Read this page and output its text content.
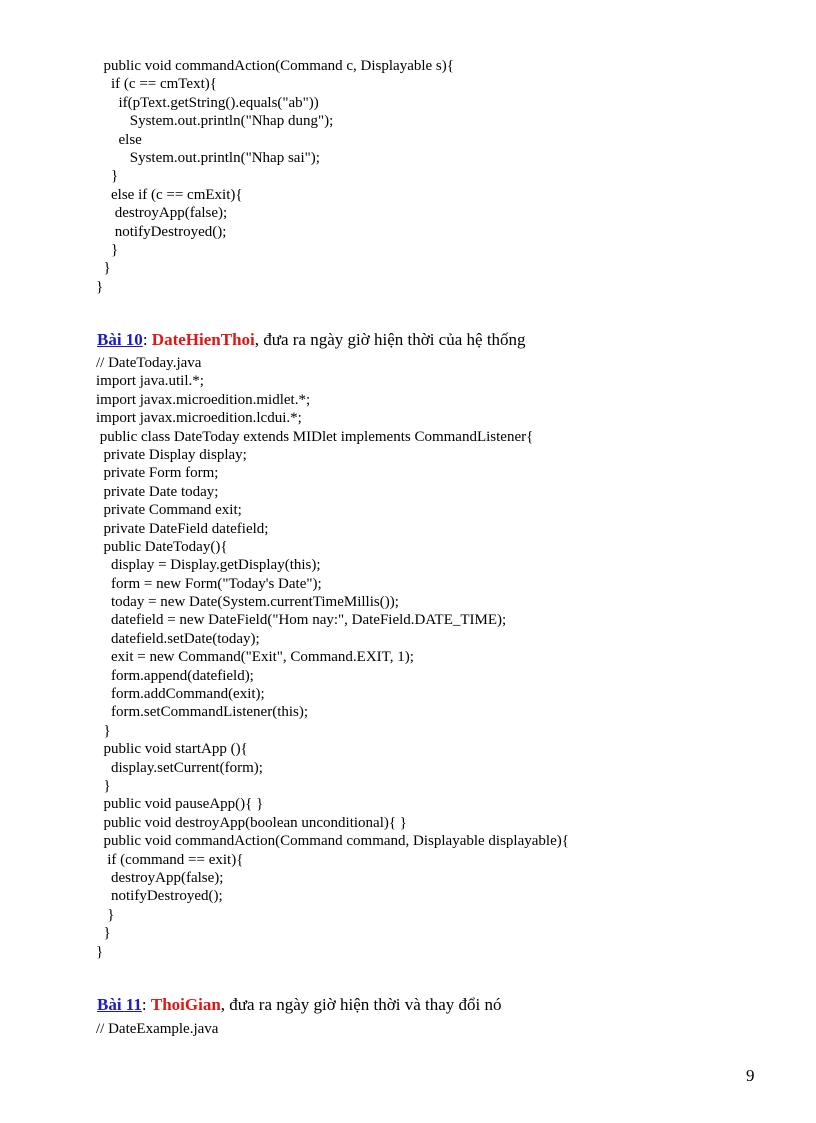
public void commandAction(Command c, Displayable s){
if (c == cmText){
if(pText.getString().equals("ab"))
System.out.println("Nhap dung");
else
System.out.println("Nhap sai");
}
else if (c == cmExit){
destroyApp(false);
notifyDestroyed();
}
}
}
Bài 10: DateHienThoi, đưa ra ngày giờ hiện thời của hệ thống
// DateToday.java
import java.util.*;
import javax.microedition.midlet.*;
import javax.microedition.lcdui.*;
public class DateToday extends MIDlet implements CommandListener{
private Display display;
private Form form;
private Date today;
private Command exit;
private DateField datefield;
public DateToday(){
display = Display.getDisplay(this);
form = new Form("Today's Date");
today = new Date(System.currentTimeMillis());
datefield = new DateField("Hom nay:", DateField.DATE_TIME);
datefield.setDate(today);
exit = new Command("Exit", Command.EXIT, 1);
form.append(datefield);
form.addCommand(exit);
form.setCommandListener(this);
}
public void startApp (){
display.setCurrent(form);
}
public void pauseApp(){ }
public void destroyApp(boolean unconditional){ }
public void commandAction(Command command, Displayable displayable){
if (command == exit){
destroyApp(false);
notifyDestroyed();
}
}
}
Bài 11: ThoiGian, đưa ra ngày giờ hiện thời và thay đổi nó
// DateExample.java
9
